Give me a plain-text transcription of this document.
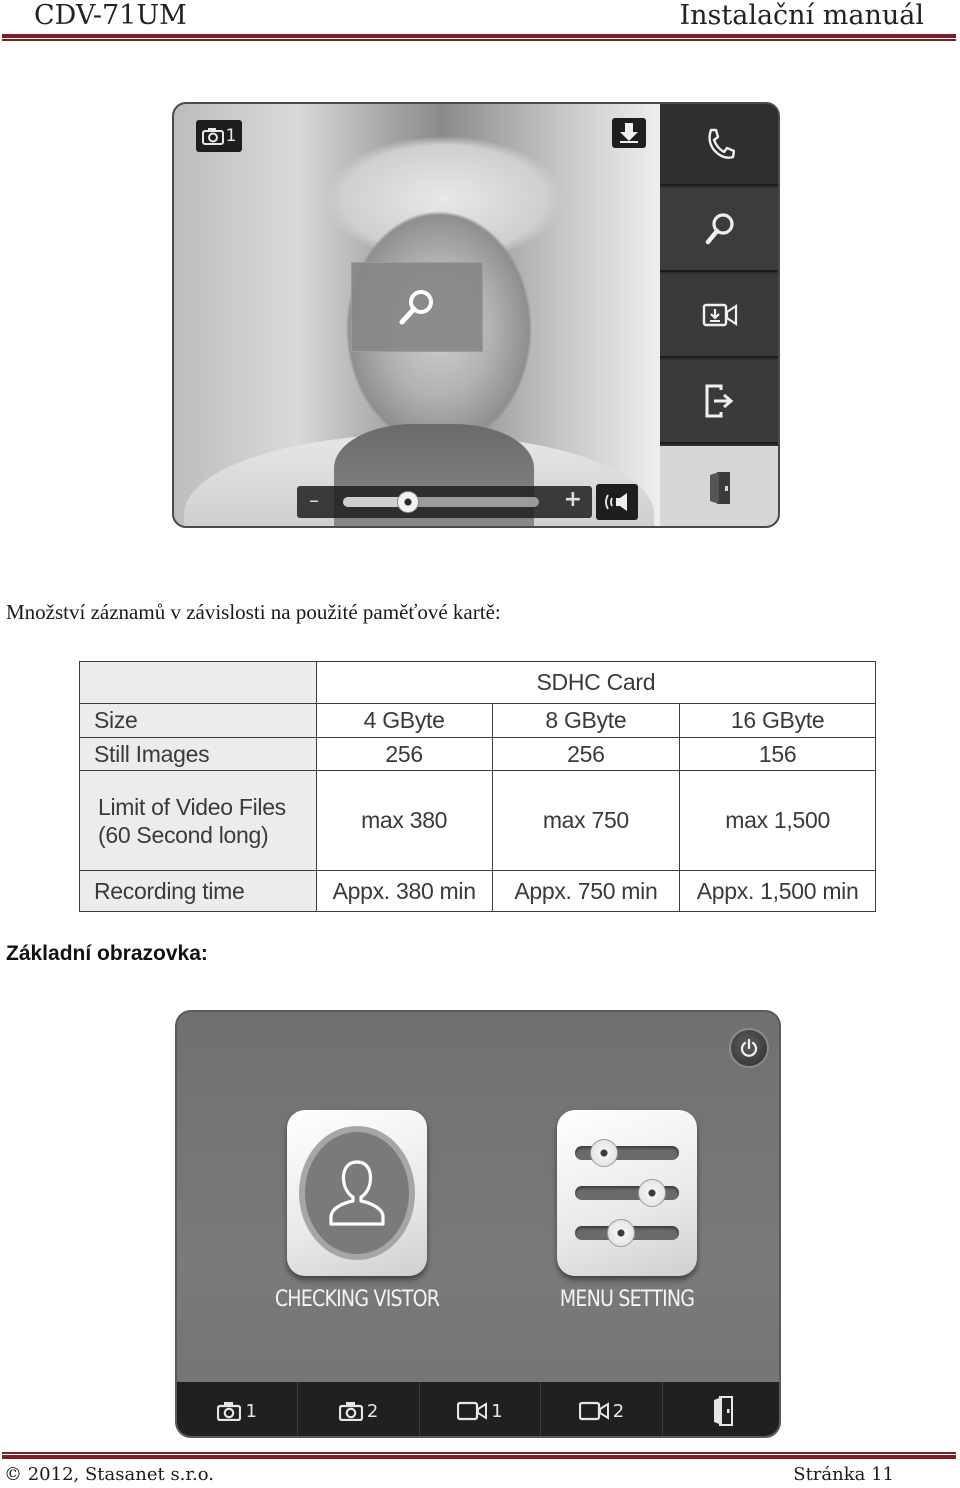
CDV-71UM	Instalační manuál
1
–	+
Množství záznamů v závislosti na použité paměťové kartě:
	SDHC Card		
Size	4 GByte	8 GByte	16 GByte
Still Images	256	256	156

Limit of Video Files
(60 Second long)	max 380	max 750	max 1,500
Recording time	Appx. 380 min	Appx. 750 min	Appx. 1,500 min
Základní obrazovka:
CHECKING VISTOR	MENU SETTING
1	2	1	2
© 2012, Stasanet s.r.o.	Stránka 11
